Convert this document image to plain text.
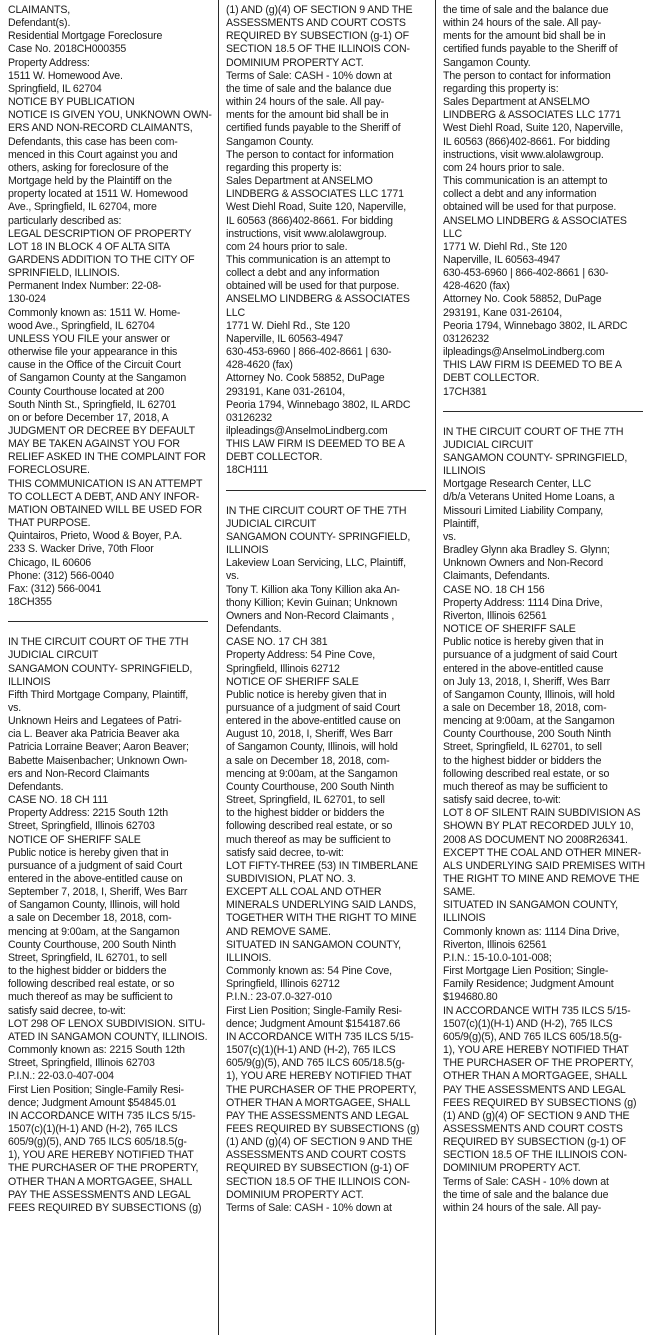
CLAIMANTS,
Defendant(s).
Residential Mortgage Foreclosure
Case No. 2018CH000355
Property Address:
1511 W. Homewood Ave.
Springfield, IL 62704
NOTICE BY PUBLICATION
NOTICE IS GIVEN YOU, UNKNOWN OWN-
ERS AND NON-RECORD CLAIMANTS,
Defendants, this case has been com-
menced in this Court against you and
others, asking for foreclosure of the
Mortgage held by the Plaintiff on the
property located at 1511 W. Homewood
Ave., Springfield, IL 62704, more
particularly described as:
LEGAL DESCRIPTION OF PROPERTY
LOT 18 IN BLOCK 4 OF ALTA SITA
GARDENS ADDITION TO THE CITY OF
SPRINFIELD, ILLINOIS.
Permanent Index Number: 22-08-
130-024
Commonly known as: 1511 W. Home-
wood Ave., Springfield, IL 62704
UNLESS YOU FILE your answer or
otherwise file your appearance in this
cause in the Office of the Circuit Court
of Sangamon County at the Sangamon
County Courthouse located at 200
South Ninth St., Springfield, IL 62701
on or before December 17, 2018, A
JUDGMENT OR DECREE BY DEFAULT
MAY BE TAKEN AGAINST YOU FOR
RELIEF ASKED IN THE COMPLAINT FOR
FORECLOSURE.
THIS COMMUNICATION IS AN ATTEMPT
TO COLLECT A DEBT, AND ANY INFOR-
MATION OBTAINED WILL BE USED FOR
THAT PURPOSE.
Quintairos, Prieto, Wood & Boyer, P.A.
233 S. Wacker Drive, 70th Floor
Chicago, IL 60606
Phone: (312) 566-0040
Fax: (312) 566-0041
18CH355
IN THE CIRCUIT COURT OF THE 7TH
JUDICIAL CIRCUIT
SANGAMON COUNTY- SPRINGFIELD,
ILLINOIS
Fifth Third Mortgage Company, Plaintiff,
vs.
Unknown Heirs and Legatees of Patri-
cia L. Beaver aka Patricia Beaver aka
Patricia Lorraine Beaver; Aaron Beaver;
Babette Maisenbacher; Unknown Own-
ers and Non-Record Claimants
Defendants.
CASE NO. 18 CH 111
Property Address: 2215 South 12th
Street, Springfield, Illinois 62703
NOTICE OF SHERIFF SALE
Public notice is hereby given that in
pursuance of a judgment of said Court
entered in the above-entitled cause on
September 7, 2018, I, Sheriff, Wes Barr
of Sangamon County, Illinois, will hold
a sale on December 18, 2018, com-
mencing at 9:00am, at the Sangamon
County Courthouse, 200 South Ninth
Street, Springfield, IL 62701, to sell
to the highest bidder or bidders the
following described real estate, or so
much thereof as may be sufficient to
satisfy said decree, to-wit:
LOT 298 OF LENOX SUBDIVISION. SITU-
ATED IN SANGAMON COUNTY, ILLINOIS.
Commonly known as: 2215 South 12th
Street, Springfield, Illinois 62703
P.I.N.: 22-03.0-407-004
First Lien Position; Single-Family Resi-
dence; Judgment Amount $54845.01
IN ACCORDANCE WITH 735 ILCS 5/15-
1507(c)(1)(H-1) AND (H-2), 765 ILCS
605/9(g)(5), AND 765 ILCS 605/18.5(g-
1), YOU ARE HEREBY NOTIFIED THAT
THE PURCHASER OF THE PROPERTY,
OTHER THAN A MORTGAGEE, SHALL
PAY THE ASSESSMENTS AND LEGAL
FEES REQUIRED BY SUBSECTIONS (g)
(1) AND (g)(4) OF SECTION 9 AND THE
ASSESSMENTS AND COURT COSTS
REQUIRED BY SUBSECTION (g-1) OF
SECTION 18.5 OF THE ILLINOIS CON-
DOMINIUM PROPERTY ACT.
Terms of Sale: CASH - 10% down at
the time of sale and the balance due
within 24 hours of the sale. All pay-
ments for the amount bid shall be in
certified funds payable to the Sheriff of
Sangamon County.
The person to contact for information
regarding this property is:
Sales Department at ANSELMO
LINDBERG & ASSOCIATES LLC 1771
West Diehl Road, Suite 120, Naperville,
IL 60563 (866)402-8661. For bidding
instructions, visit www.alolawgroup.
com 24 hours prior to sale.
This communication is an attempt to
collect a debt and any information
obtained will be used for that purpose.
ANSELMO LINDBERG & ASSOCIATES
LLC
1771 W. Diehl Rd., Ste 120
Naperville, IL 60563-4947
630-453-6960 | 866-402-8661 | 630-
428-4620 (fax)
Attorney No. Cook 58852, DuPage
293191, Kane 031-26104,
Peoria 1794, Winnebago 3802, IL ARDC
03126232
ilpleadings@AnselmoLindberg.com
THIS LAW FIRM IS DEEMED TO BE A
DEBT COLLECTOR.
18CH111
IN THE CIRCUIT COURT OF THE 7TH
JUDICIAL CIRCUIT
SANGAMON COUNTY- SPRINGFIELD,
ILLINOIS
Lakeview Loan Servicing, LLC, Plaintiff,
vs.
Tony T. Killion aka Tony Killion aka An-
thony Killion; Kevin Guinan; Unknown
Owners and Non-Record Claimants ,
Defendants.
CASE NO. 17 CH 381
Property Address: 54 Pine Cove,
Springfield, Illinois 62712
NOTICE OF SHERIFF SALE
Public notice is hereby given that in
pursuance of a judgment of said Court
entered in the above-entitled cause on
August 10, 2018, I, Sheriff, Wes Barr
of Sangamon County, Illinois, will hold
a sale on December 18, 2018, com-
mencing at 9:00am, at the Sangamon
County Courthouse, 200 South Ninth
Street, Springfield, IL 62701, to sell
to the highest bidder or bidders the
following described real estate, or so
much thereof as may be sufficient to
satisfy said decree, to-wit:
LOT FIFTY-THREE (53) IN TIMBERLANE
SUBDIVISION, PLAT NO. 3.
EXCEPT ALL COAL AND OTHER
MINERALS UNDERLYING SAID LANDS,
TOGETHER WITH THE RIGHT TO MINE
AND REMOVE SAME.
SITUATED IN SANGAMON COUNTY,
ILLINOIS.
Commonly known as: 54 Pine Cove,
Springfield, Illinois 62712
P.I.N.: 23-07.0-327-010
First Lien Position; Single-Family Resi-
dence; Judgment Amount $154187.66
IN ACCORDANCE WITH 735 ILCS 5/15-
1507(c)(1)(H-1) AND (H-2), 765 ILCS
605/9(g)(5), AND 765 ILCS 605/18.5(g-
1), YOU ARE HEREBY NOTIFIED THAT
THE PURCHASER OF THE PROPERTY,
OTHER THAN A MORTGAGEE, SHALL
PAY THE ASSESSMENTS AND LEGAL
FEES REQUIRED BY SUBSECTIONS (g)
(1) AND (g)(4) OF SECTION 9 AND THE
ASSESSMENTS AND COURT COSTS
REQUIRED BY SUBSECTION (g-1) OF
SECTION 18.5 OF THE ILLINOIS CON-
DOMINIUM PROPERTY ACT.
Terms of Sale: CASH - 10% down at
the time of sale and the balance due
within 24 hours of the sale. All pay-
ments for the amount bid shall be in
certified funds payable to the Sheriff of
Sangamon County.
The person to contact for information
regarding this property is:
Sales Department at ANSELMO
LINDBERG & ASSOCIATES LLC 1771
West Diehl Road, Suite 120, Naperville,
IL 60563 (866)402-8661. For bidding
instructions, visit www.alolawgroup.
com 24 hours prior to sale.
This communication is an attempt to
collect a debt and any information
obtained will be used for that purpose.
ANSELMO LINDBERG & ASSOCIATES
LLC
1771 W. Diehl Rd., Ste 120
Naperville, IL 60563-4947
630-453-6960 | 866-402-8661 | 630-
428-4620 (fax)
Attorney No. Cook 58852, DuPage
293191, Kane 031-26104,
Peoria 1794, Winnebago 3802, IL ARDC
03126232
ilpleadings@AnselmoLindberg.com
THIS LAW FIRM IS DEEMED TO BE A
DEBT COLLECTOR.
17CH381
IN THE CIRCUIT COURT OF THE 7TH
JUDICIAL CIRCUIT
SANGAMON COUNTY- SPRINGFIELD,
ILLINOIS
Mortgage Research Center, LLC
d/b/a Veterans United Home Loans, a
Missouri Limited Liability Company,
Plaintiff,
vs.
Bradley Glynn aka Bradley S. Glynn;
Unknown Owners and Non-Record
Claimants, Defendants.
CASE NO. 18 CH 156
Property Address: 1114 Dina Drive,
Riverton, Illinois 62561
NOTICE OF SHERIFF SALE
Public notice is hereby given that in
pursuance of a judgment of said Court
entered in the above-entitled cause
on July 13, 2018, I, Sheriff, Wes Barr
of Sangamon County, Illinois, will hold
a sale on December 18, 2018, com-
mencing at 9:00am, at the Sangamon
County Courthouse, 200 South Ninth
Street, Springfield, IL 62701, to sell
to the highest bidder or bidders the
following described real estate, or so
much thereof as may be sufficient to
satisfy said decree, to-wit:
LOT 8 OF SILENT RAIN SUBDIVISION AS
SHOWN BY PLAT RECORDED JULY 10,
2008 AS DOCUMENT NO 2008R26341.
EXCEPT THE COAL AND OTHER MINER-
ALS UNDERLYING SAID PREMISES WITH
THE RIGHT TO MINE AND REMOVE THE
SAME.
SITUATED IN SANGAMON COUNTY,
ILLINOIS
Commonly known as: 1114 Dina Drive,
Riverton, Illinois 62561
P.I.N.: 15-10.0-101-008;
First Mortgage Lien Position; Single-
Family Residence; Judgment Amount
$194680.80
IN ACCORDANCE WITH 735 ILCS 5/15-
1507(c)(1)(H-1) AND (H-2), 765 ILCS
605/9(g)(5), AND 765 ILCS 605/18.5(g-
1), YOU ARE HEREBY NOTIFIED THAT
THE PURCHASER OF THE PROPERTY,
OTHER THAN A MORTGAGEE, SHALL
PAY THE ASSESSMENTS AND LEGAL
FEES REQUIRED BY SUBSECTIONS (g)
(1) AND (g)(4) OF SECTION 9 AND THE
ASSESSMENTS AND COURT COSTS
REQUIRED BY SUBSECTION (g-1) OF
SECTION 18.5 OF THE ILLINOIS CON-
DOMINIUM PROPERTY ACT.
Terms of Sale: CASH - 10% down at
the time of sale and the balance due
within 24 hours of the sale. All pay-
